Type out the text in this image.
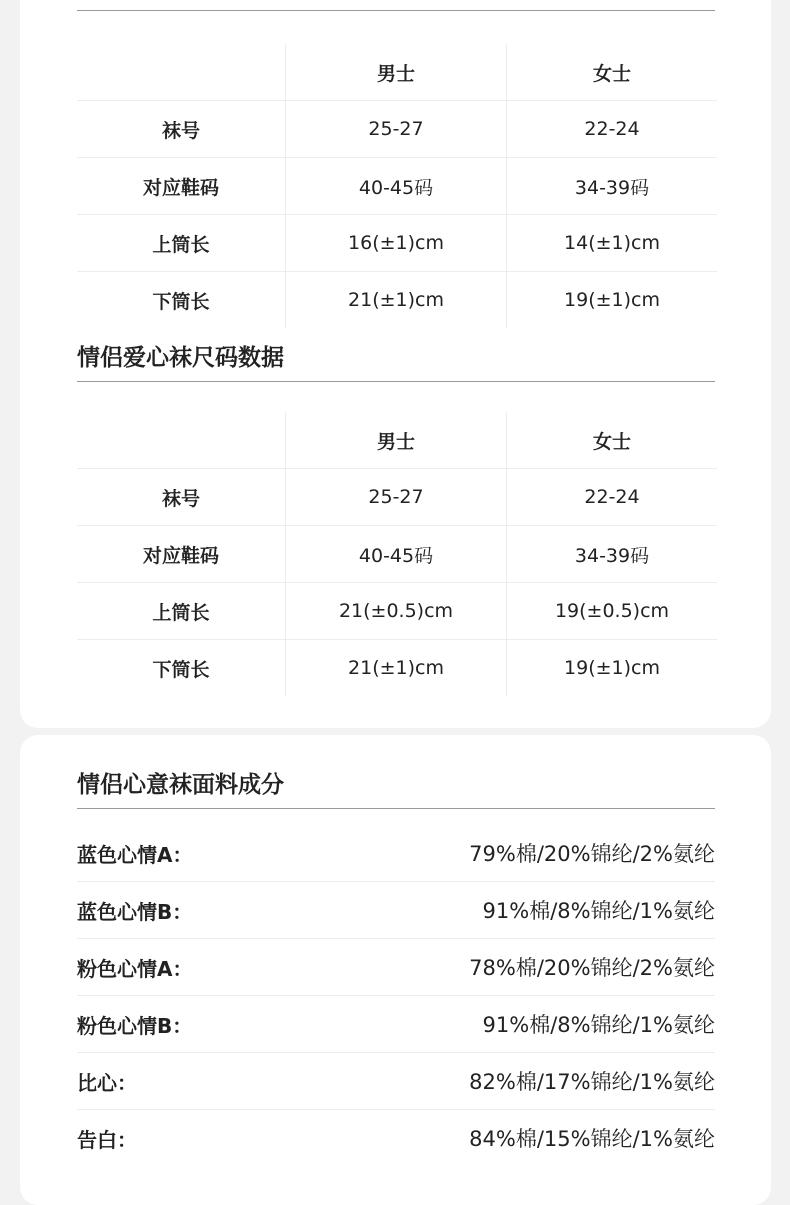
	男士	女士
袜号	25-27	22-24
对应鞋码	40-45码	34-39码
上筒长	16(±1)cm	14(±1)cm
下筒长	21(±1)cm	19(±1)cm
情侣爱心袜尺码数据
	男士	女士
袜号	25-27	22-24
对应鞋码	40-45码	34-39码
上筒长	21(±0.5)cm	19(±0.5)cm
下筒长	21(±1)cm	19(±1)cm
情侣心意袜面料成分
蓝色心情A：	79%棉/20%锦纶/2%氨纶
蓝色心情B：	91%棉/8%锦纶/1%氨纶
粉色心情A：	78%棉/20%锦纶/2%氨纶
粉色心情B：	91%棉/8%锦纶/1%氨纶
比心：	82%棉/17%锦纶/1%氨纶
告白：	84%棉/15%锦纶/1%氨纶
